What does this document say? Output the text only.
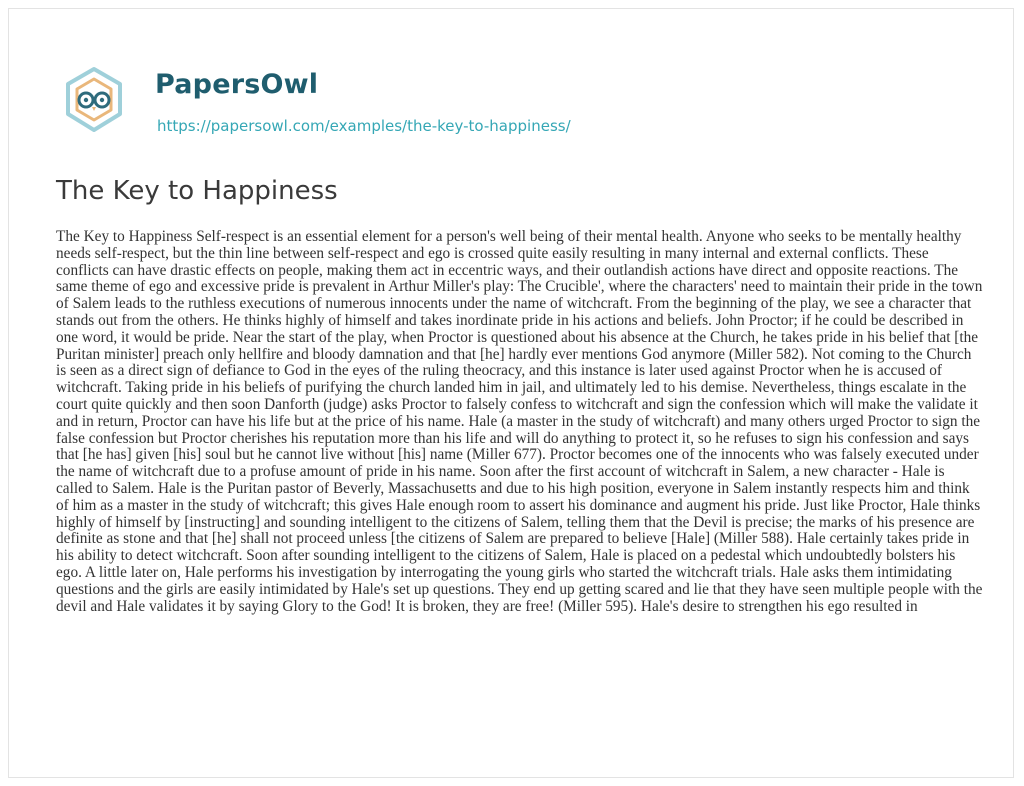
PapersOwl
https://papersowl.com/examples/the-key-to-happiness/
The Key to Happiness

The Key to Happiness Self-respect is an essential element for a person's well being of their mental health. Anyone who seeks to be mentally healthy needs self-respect, but the thin line between self-respect and ego is crossed quite easily resulting in many internal and external conflicts. These conflicts can have drastic effects on people, making them act in eccentric ways, and their outlandish actions have direct and opposite reactions. The same theme of ego and excessive pride is prevalent in Arthur Miller's play: The Crucible', where the characters' need to maintain their pride in the town of Salem leads to the ruthless executions of numerous innocents under the name of witchcraft. From the beginning of the play, we see a character that stands out from the others. He thinks highly of himself and takes inordinate pride in his actions and beliefs. John Proctor; if he could be described in one word, it would be pride. Near the start of the play, when Proctor is questioned about his absence at the Church, he takes pride in his belief that [the Puritan minister] preach only hellfire and bloody damnation and that [he] hardly ever mentions God anymore (Miller 582). Not coming to the Church is seen as a direct sign of defiance to God in the eyes of the ruling theocracy, and this instance is later used against Proctor when he is accused of witchcraft. Taking pride in his beliefs of purifying the church landed him in jail, and ultimately led to his demise. Nevertheless, things escalate in the court quite quickly and then soon Danforth (judge) asks Proctor to falsely confess to witchcraft and sign the confession which will make the validate it and in return, Proctor can have his life but at the price of his name. Hale (a master in the study of witchcraft) and many others urged Proctor to sign the false confession but Proctor cherishes his reputation more than his life and will do anything to protect it, so he refuses to sign his confession and says that [he has] given [his] soul but he cannot live without [his] name (Miller 677). Proctor becomes one of the innocents who was falsely executed under the name of witchcraft due to a profuse amount of pride in his name. Soon after the first account of witchcraft in Salem, a new character - Hale is called to Salem. Hale is the Puritan pastor of Beverly, Massachusetts and due to his high position, everyone in Salem instantly respects him and think of him as a master in the study of witchcraft; this gives Hale enough room to assert his dominance and augment his pride. Just like Proctor, Hale thinks highly of himself by [instructing] and sounding intelligent to the citizens of Salem, telling them that the Devil is precise; the marks of his presence are definite as stone and that [he] shall not proceed unless [the citizens of Salem are prepared to believe [Hale] (Miller 588). Hale certainly takes pride in his ability to detect witchcraft. Soon after sounding intelligent to the citizens of Salem, Hale is placed on a pedestal which undoubtedly bolsters his ego. A little later on, Hale performs his investigation by interrogating the young girls who started the witchcraft trials. Hale asks them intimidating questions and the girls are easily intimidated by Hale's set up questions. They end up getting scared and lie that they have seen multiple people with the devil and Hale validates it by saying Glory to the God! It is broken, they are free! (Miller 595). Hale's desire to strengthen his ego resulted in
